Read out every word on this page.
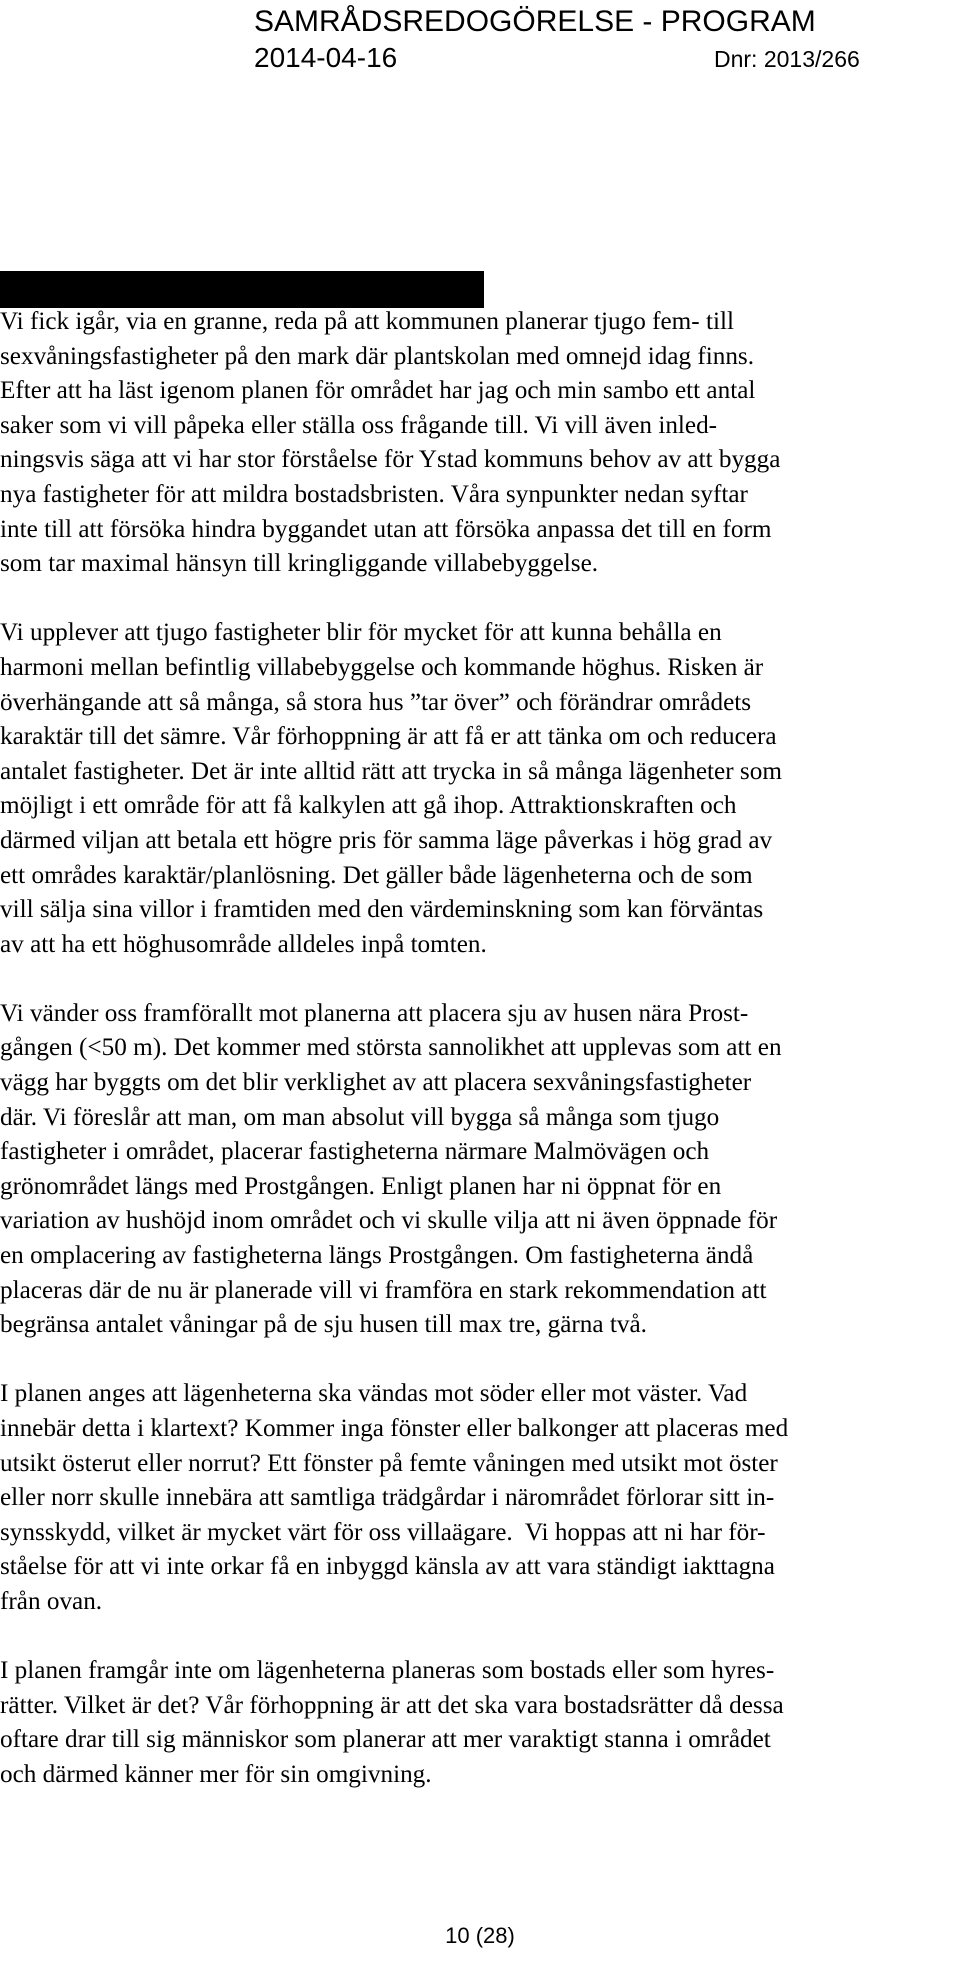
SAMRÅDSREDOGÖRELSE - PROGRAM
2014-04-16	Dnr: 2013/266
Vi fick igår, via en granne, reda på att kommunen planerar tjugo fem- till
sexvåningsfastigheter på den mark där plantskolan med omnejd idag finns.
Efter att ha läst igenom planen för området har jag och min sambo ett antal
saker som vi vill påpeka eller ställa oss frågande till. Vi vill även inled-
ningsvis säga att vi har stor förståelse för Ystad kommuns behov av att bygga
nya fastigheter för att mildra bostadsbristen. Våra synpunkter nedan syftar
inte till att försöka hindra byggandet utan att försöka anpassa det till en form
som tar maximal hänsyn till kringliggande villabebyggelse.
Vi upplever att tjugo fastigheter blir för mycket för att kunna behålla en
harmoni mellan befintlig villabebyggelse och kommande höghus. Risken är
överhängande att så många, så stora hus ”tar över” och förändrar områdets
karaktär till det sämre. Vår förhoppning är att få er att tänka om och reducera
antalet fastigheter. Det är inte alltid rätt att trycka in så många lägenheter som
möjligt i ett område för att få kalkylen att gå ihop. Attraktionskraften och
därmed viljan att betala ett högre pris för samma läge påverkas i hög grad av
ett områdes karaktär/planlösning. Det gäller både lägenheterna och de som
vill sälja sina villor i framtiden med den värdeminskning som kan förväntas
av att ha ett höghusområde alldeles inpå tomten.
Vi vänder oss framförallt mot planerna att placera sju av husen nära Prost-
gången (<50 m). Det kommer med största sannolikhet att upplevas som att en
vägg har byggts om det blir verklighet av att placera sexvåningsfastigheter
där. Vi föreslår att man, om man absolut vill bygga så många som tjugo
fastigheter i området, placerar fastigheterna närmare Malmövägen och
grönområdet längs med Prostgången. Enligt planen har ni öppnat för en
variation av hushöjd inom området och vi skulle vilja att ni även öppnade för
en omplacering av fastigheterna längs Prostgången. Om fastigheterna ändå
placeras där de nu är planerade vill vi framföra en stark rekommendation att
begränsa antalet våningar på de sju husen till max tre, gärna två.
I planen anges att lägenheterna ska vändas mot söder eller mot väster. Vad
innebär detta i klartext? Kommer inga fönster eller balkonger att placeras med
utsikt österut eller norrut? Ett fönster på femte våningen med utsikt mot öster
eller norr skulle innebära att samtliga trädgårdar i närområdet förlorar sitt in-
synsskydd, vilket är mycket värt för oss villaägare.  Vi hoppas att ni har för-
ståelse för att vi inte orkar få en inbyggd känsla av att vara ständigt iakttagna
från ovan.
I planen framgår inte om lägenheterna planeras som bostads eller som hyres-
rätter. Vilket är det? Vår förhoppning är att det ska vara bostadsrätter då dessa
oftare drar till sig människor som planerar att mer varaktigt stanna i området
och därmed känner mer för sin omgivning.
10 (28)
